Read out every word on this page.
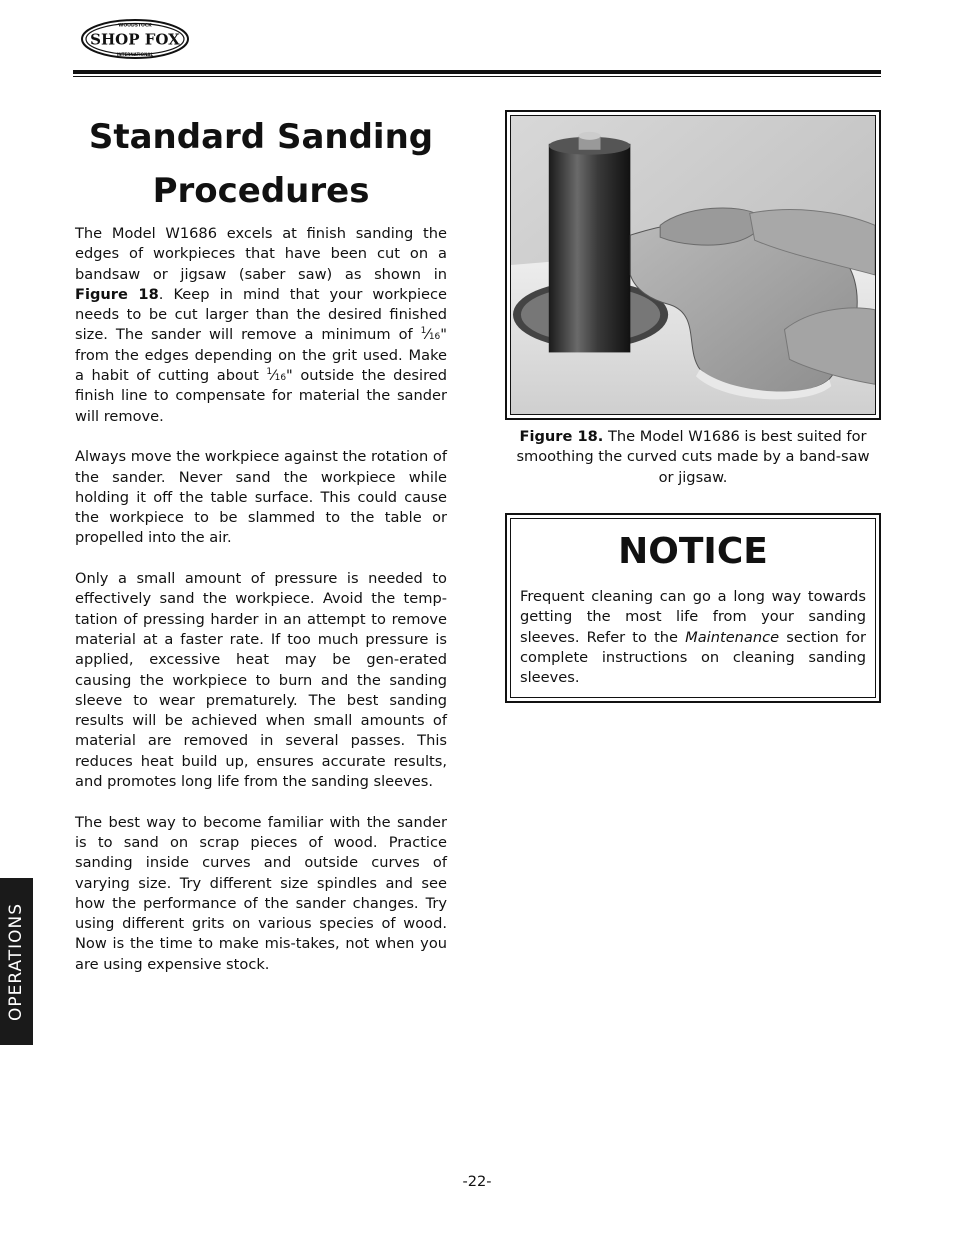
WOODSTOCK
INTERNATIONAL
SHOP FOX
OPERATIONS
Standard Sanding
Procedures

The Model W1686 excels at finish sanding the edges of workpieces that have been cut on a bandsaw or jigsaw (saber saw) as shown in Figure 18. Keep in mind that your workpiece needs to be cut larger than the desired finished size. The sander will remove a minimum of $^1$⁄16" from the edges depending on the grit used. Make a habit of cutting about $^1$⁄16" outside the desired finish line to compensate for material the sander will remove.

Always move the workpiece against the rotation of the sander. Never sand the workpiece while holding it off the table surface. This could cause the workpiece to be slammed to the table or propelled into the air.

Only a small amount of pressure is needed to effectively sand the workpiece. Avoid the temp-tation of pressing harder in an attempt to remove material at a faster rate. If too much pressure is applied, excessive heat may be gen-erated causing the workpiece to burn and the sanding sleeve to wear prematurely. The best sanding results will be achieved when small amounts of material are removed in several passes. This reduces heat build up, ensures accurate results, and promotes long life from the sanding sleeves.

The best way to become familiar with the sander is to sand on scrap pieces of wood. Practice sanding inside curves and outside curves of varying size. Try different size spindles and see how the performance of the sander changes. Try using different grits on various species of wood. Now is the time to make mis-takes, not when you are using expensive stock.

Figure 18. The Model W1686 is best suited for smoothing the curved cuts made by a band-saw or jigsaw.

NOTICE

Frequent cleaning can go a long way towards getting the most life from your sanding sleeves. Refer to the Maintenance section for complete instructions on cleaning sanding sleeves.

-22-
